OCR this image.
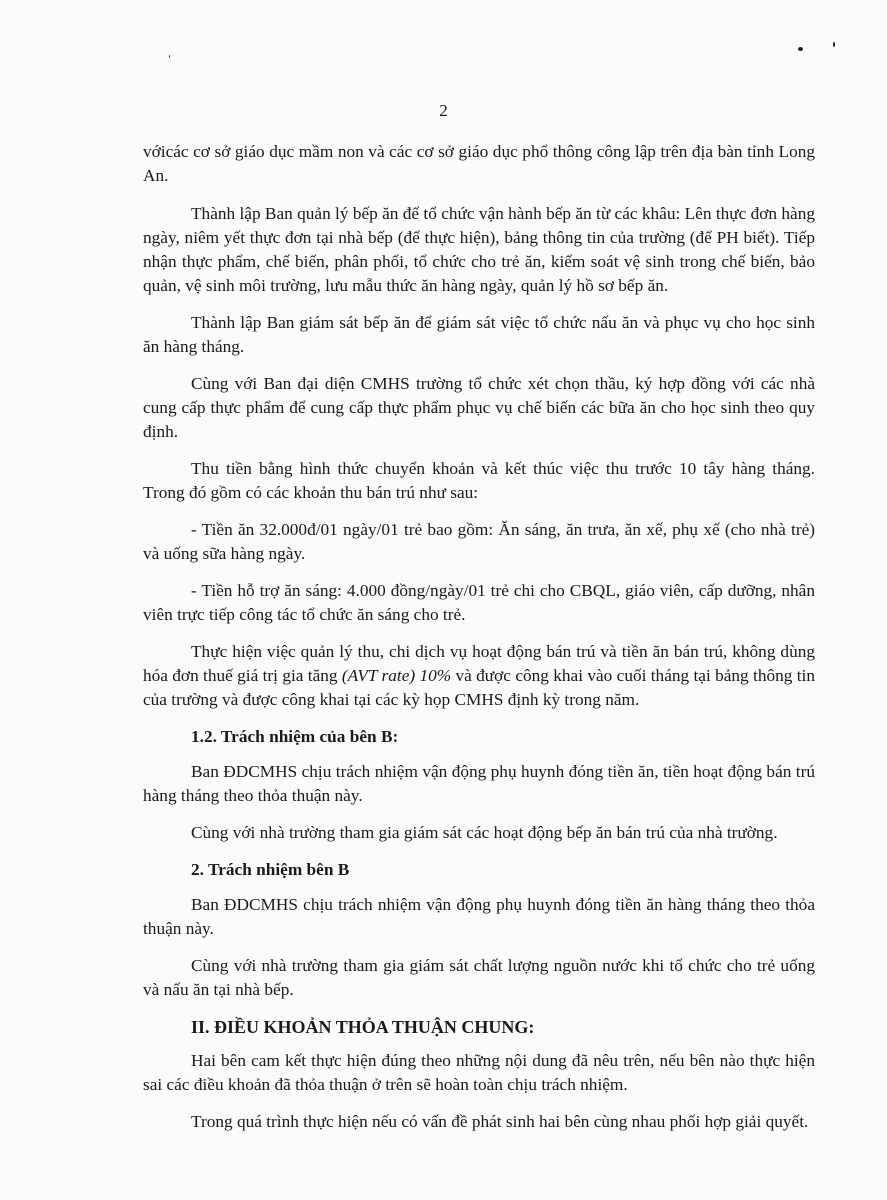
2

vớicác cơ sở giáo dục mầm non và các cơ sở giáo dục phổ thông công lập trên địa bàn tỉnh Long An.

Thành lập Ban quản lý bếp ăn để tổ chức vận hành bếp ăn từ các khâu: Lên thực đơn hàng ngày, niêm yết thực đơn tại nhà bếp (để thực hiện), bảng thông tin của trường (để PH biết). Tiếp nhận thực phẩm, chế biến, phân phối, tổ chức cho trẻ ăn, kiểm soát vệ sinh trong chế biến, bảo quản, vệ sinh môi trường, lưu mẫu thức ăn hàng ngày, quản lý hồ sơ bếp ăn.

Thành lập Ban giám sát bếp ăn để giám sát việc tổ chức nấu ăn và phục vụ cho học sinh ăn hàng tháng.

Cùng với Ban đại diện CMHS trường tổ chức xét chọn thầu, ký hợp đồng với các nhà cung cấp thực phẩm để cung cấp thực phẩm phục vụ chế biến các bữa ăn cho học sinh theo quy định.

Thu tiền bằng hình thức chuyển khoản và kết thúc việc thu trước 10 tây hàng tháng. Trong đó gồm có các khoản thu bán trú như sau:

- Tiền ăn 32.000đ/01 ngày/01 trẻ bao gồm: Ăn sáng, ăn trưa, ăn xế, phụ xế (cho nhà trẻ) và uống sữa hàng ngày.

- Tiền hỗ trợ ăn sáng: 4.000 đồng/ngày/01 trẻ chi cho CBQL, giáo viên, cấp dưỡng, nhân viên trực tiếp công tác tổ chức ăn sáng cho trẻ.

Thực hiện việc quản lý thu, chi dịch vụ hoạt động bán trú và tiền ăn bán trú, không dùng hóa đơn thuế giá trị gia tăng (AVT rate) 10% và được công khai vào cuối tháng tại bảng thông tin của trường và được công khai tại các kỳ họp CMHS định kỳ trong năm.

1.2. Trách nhiệm của bên B:

Ban ĐDCMHS chịu trách nhiệm vận động phụ huynh đóng tiền ăn, tiền hoạt động bán trú hàng tháng theo thỏa thuận này.

Cùng với nhà trường tham gia giám sát các hoạt động bếp ăn bán trú của nhà trường.

2. Trách nhiệm bên B

Ban ĐDCMHS chịu trách nhiệm vận động phụ huynh đóng tiền ăn hàng tháng theo thỏa thuận này.

Cùng với nhà trường tham gia giám sát chất lượng nguồn nước khi tổ chức cho trẻ uống và nấu ăn tại nhà bếp.

II. ĐIỀU KHOẢN THỎA THUẬN CHUNG:

Hai bên cam kết thực hiện đúng theo những nội dung đã nêu trên, nếu bên nào thực hiện sai các điều khoản đã thỏa thuận ở trên sẽ hoàn toàn chịu trách nhiệm.

Trong quá trình thực hiện nếu có vấn đề phát sinh hai bên cùng nhau phối hợp giải quyết.
